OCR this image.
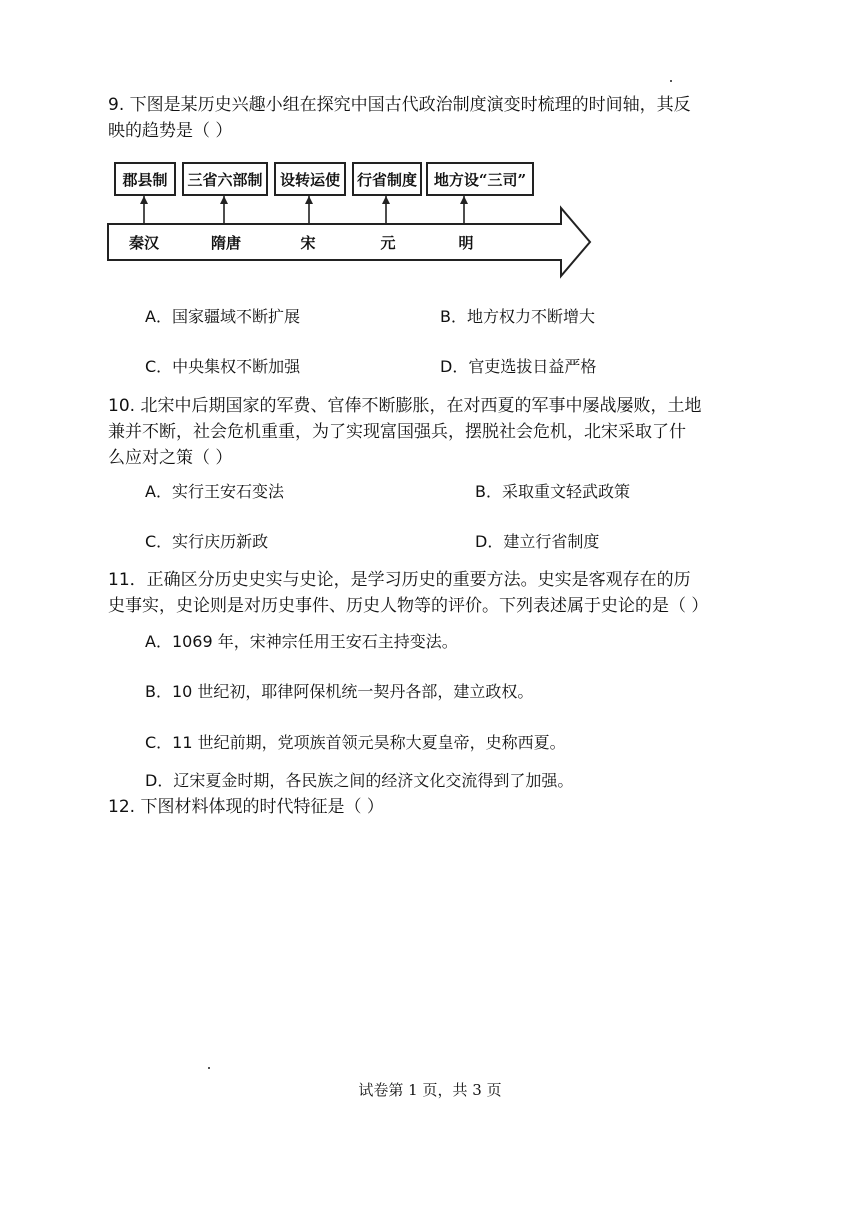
9. 下图是某历史兴趣小组在探究中国古代政治制度演变时梳理的时间轴，其反
映的趋势是（ ）
郡县制	三省六部制	设转运使	行省制度	地方设“三司”
秦汉	隋唐	宋	元	明
A．国家疆域不断扩展	B．地方权力不断增大
C．中央集权不断加强	D．官吏选拔日益严格
10. 北宋中后期国家的军费、官俸不断膨胀，在对西夏的军事中屡战屡败，土地
兼并不断，社会危机重重，为了实现富国强兵，摆脱社会危机，北宋采取了什
么应对之策（ ）
A．实行王安石变法	B．采取重文轻武政策
C．实行庆历新政	D．建立行省制度
11．正确区分历史史实与史论，是学习历史的重要方法。史实是客观存在的历
史事实，史论则是对历史事件、历史人物等的评价。下列表述属于史论的是（ ）
A．1069 年，宋神宗任用王安石主持变法。
B．10 世纪初，耶律阿保机统一契丹各部，建立政权。
C．11 世纪前期，党项族首领元昊称大夏皇帝，史称西夏。
D．辽宋夏金时期，各民族之间的经济文化交流得到了加强。
12. 下图材料体现的时代特征是（ ）
试卷第 1 页，共 3 页
